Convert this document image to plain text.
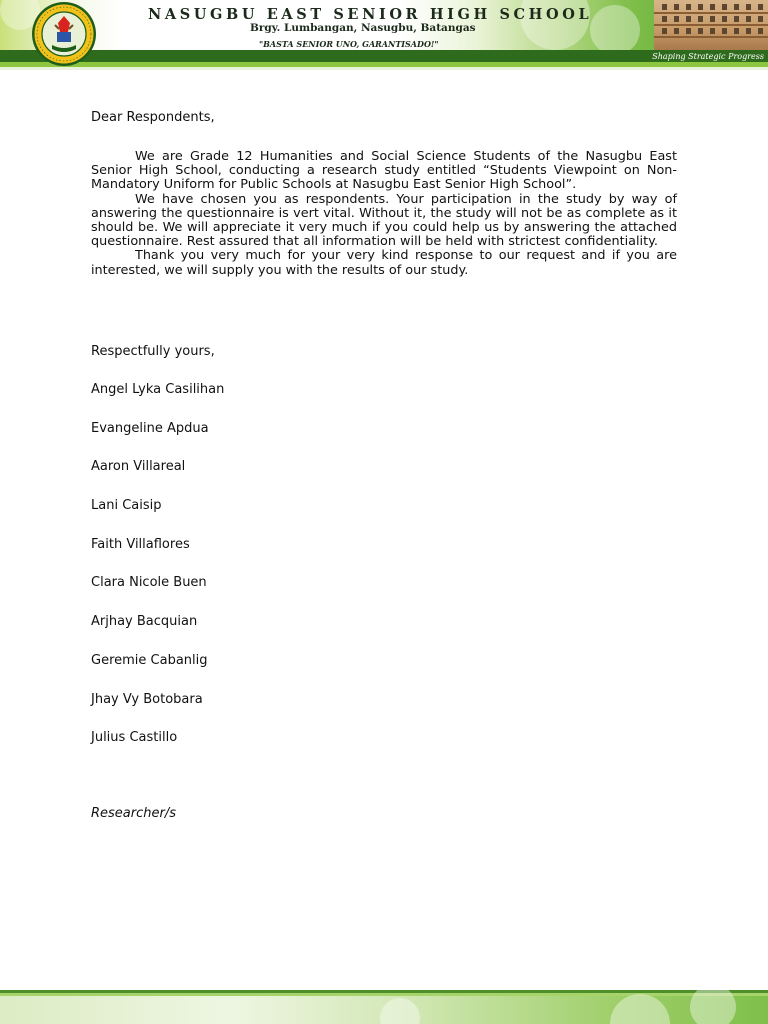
Shaping Strategic Progress
NASUGBU EAST SENIOR HIGH SCHOOL
Brgy. Lumbangan, Nasugbu, Batangas
"BASTA SENIOR UNO, GARANTISADO!"
Dear Respondents,

We are Grade 12 Humanities and Social Science Students of the Nasugbu East Senior High School, conducting a research study entitled “Students Viewpoint on Non-Mandatory Uniform for Public Schools at Nasugbu East Senior High School”.

We have chosen you as respondents. Your participation in the study by way of answering the questionnaire is vert vital. Without it, the study will not be as complete as it should be. We will appreciate it very much if you could help us by answering the attached questionnaire. Rest assured that all information will be held with strictest confidentiality.

Thank you very much for your very kind response to our request and if you are interested, we will supply you with the results of our study.

Respectfully yours,
Angel Lyka Casilihan
Evangeline Apdua
Aaron Villareal
Lani Caisip
Faith Villaflores
Clara Nicole Buen
Arjhay Bacquian
Geremie Cabanlig
Jhay Vy Botobara
Julius Castillo
Researcher/s
